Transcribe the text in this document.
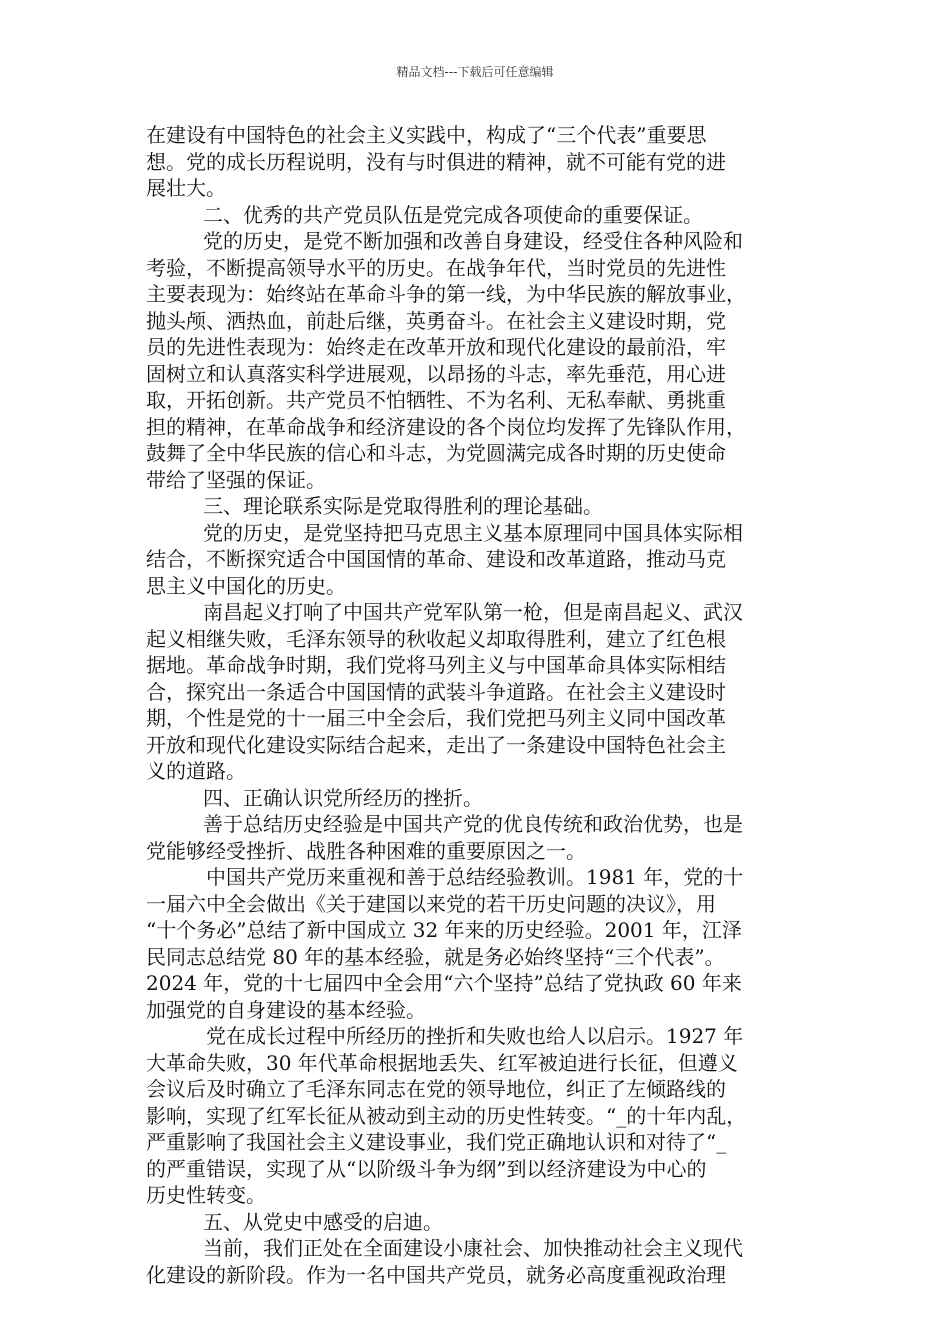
精品文档---下载后可任意编辑
在建设有中国特色的社会主义实践中，构成了“三个代表”重要思
想。党的成长历程说明，没有与时俱进的精神，就不可能有党的进
展壮大。
二、优秀的共产党员队伍是党完成各项使命的重要保证。
党的历史，是党不断加强和改善自身建设，经受住各种风险和
考验，不断提高领导水平的历史。在战争年代，当时党员的先进性
主要表现为：始终站在革命斗争的第一线，为中华民族的解放事业，
抛头颅、洒热血，前赴后继，英勇奋斗。在社会主义建设时期，党
员的先进性表现为：始终走在改革开放和现代化建设的最前沿，牢
固树立和认真落实科学进展观，以昂扬的斗志，率先垂范，用心进
取，开拓创新。共产党员不怕牺牲、不为名利、无私奉献、勇挑重
担的精神，在革命战争和经济建设的各个岗位均发挥了先锋队作用，
鼓舞了全中华民族的信心和斗志，为党圆满完成各时期的历史使命
带给了坚强的保证。
三、理论联系实际是党取得胜利的理论基础。
党的历史，是党坚持把马克思主义基本原理同中国具体实际相
结合，不断探究适合中国国情的革命、建设和改革道路，推动马克
思主义中国化的历史。
南昌起义打响了中国共产党军队第一枪，但是南昌起义、武汉
起义相继失败，毛泽东领导的秋收起义却取得胜利，建立了红色根
据地。革命战争时期，我们党将马列主义与中国革命具体实际相结
合，探究出一条适合中国国情的武装斗争道路。在社会主义建设时
期，个性是党的十一届三中全会后，我们党把马列主义同中国改革
开放和现代化建设实际结合起来，走出了一条建设中国特色社会主
义的道路。
四、正确认识党所经历的挫折。
善于总结历史经验是中国共产党的优良传统和政治优势，也是
党能够经受挫折、战胜各种困难的重要原因之一。
中国共产党历来重视和善于总结经验教训。1981 年，党的十
一届六中全会做出《关于建国以来党的若干历史问题的决议》，用
“十个务必”总结了新中国成立 32 年来的历史经验。2001 年，江泽
民同志总结党 80 年的基本经验，就是务必始终坚持“三个代表”。
2024 年，党的十七届四中全会用“六个坚持”总结了党执政 60 年来
加强党的自身建设的基本经验。
党在成长过程中所经历的挫折和失败也给人以启示。1927 年
大革命失败，30 年代革命根据地丢失、红军被迫进行长征，但遵义
会议后及时确立了毛泽东同志在党的领导地位，纠正了左倾路线的
影响，实现了红军长征从被动到主动的历史性转变。“_的十年内乱，
严重影响了我国社会主义建设事业，我们党正确地认识和对待了“_
的严重错误，实现了从“以阶级斗争为纲”到以经济建设为中心的
历史性转变。
五、从党史中感受的启迪。
当前，我们正处在全面建设小康社会、加快推动社会主义现代
化建设的新阶段。作为一名中国共产党员，就务必高度重视政治理
